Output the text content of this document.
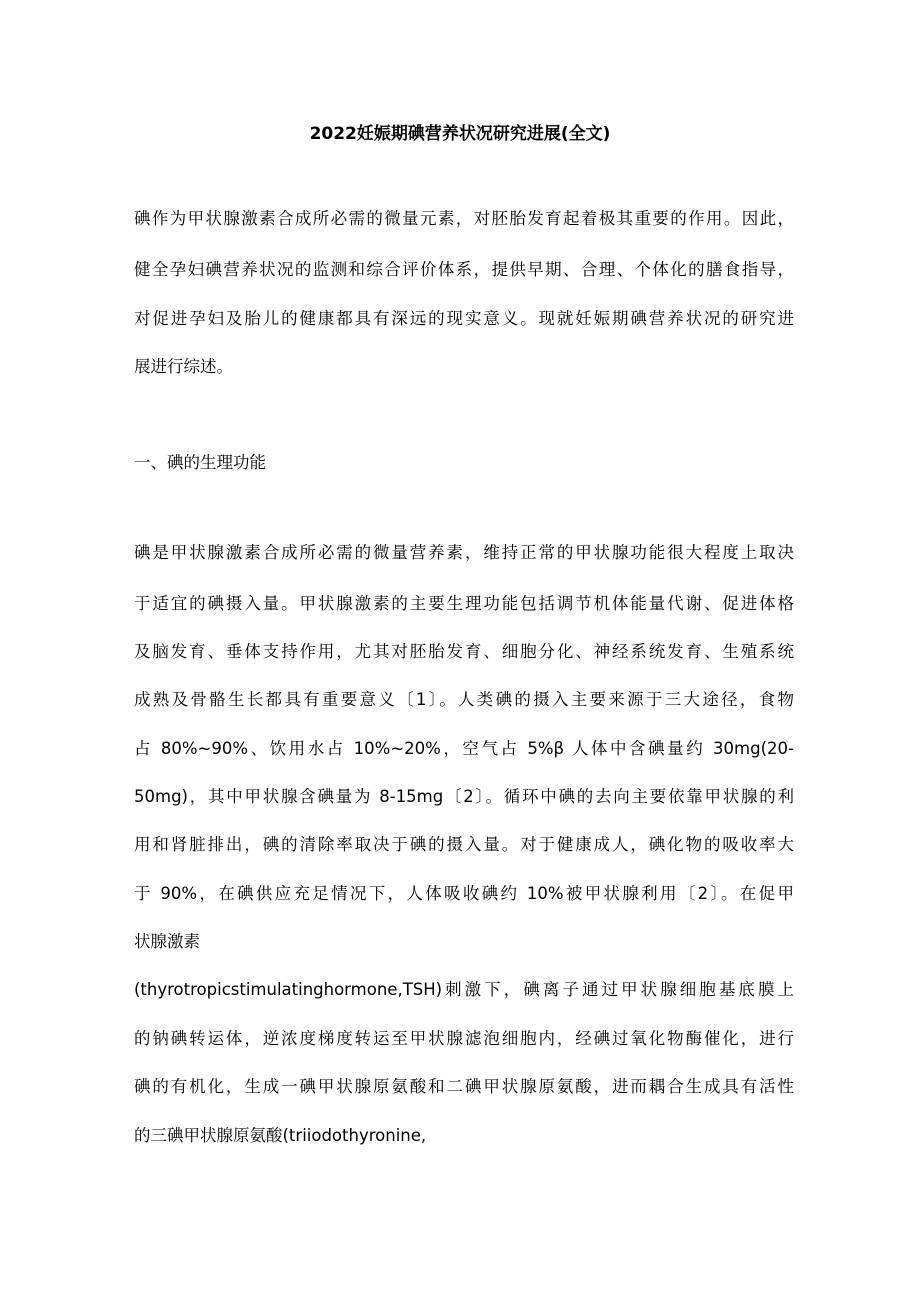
2022妊娠期碘营养状况研究进展(全文)
碘作为甲状腺激素合成所必需的微量元素，对胚胎发育起着极其重要的作用。因此，
健全孕妇碘营养状况的监测和综合评价体系，提供早期、合理、个体化的膳食指导，
对促进孕妇及胎儿的健康都具有深远的现实意义。现就妊娠期碘营养状况的研究进
展进行综述。
一、碘的生理功能
碘是甲状腺激素合成所必需的微量营养素，维持正常的甲状腺功能很大程度上取决
于适宜的碘摄入量。甲状腺激素的主要生理功能包括调节机体能量代谢、促进体格
及脑发育、垂体支持作用，尤其对胚胎发育、细胞分化、神经系统发育、生殖系统
成熟及骨骼生长都具有重要意义〔1〕。人类碘的摄入主要来源于三大途径，食物
占 80%~90%、饮用水占 10%~20%，空气占 5%β 人体中含碘量约 30mg(20-
50mg)，其中甲状腺含碘量为 8-15mg〔2〕。循环中碘的去向主要依靠甲状腺的利
用和肾脏排出，碘的清除率取决于碘的摄入量。对于健康成人，碘化物的吸收率大
于 90%，在碘供应充足情况下，人体吸收碘约 10%被甲状腺利用〔2〕。在促甲
状腺激素
(thyrotropicstimulatinghormone,TSH)刺激下，碘离子通过甲状腺细胞基底膜上
的钠碘转运体，逆浓度梯度转运至甲状腺滤泡细胞内，经碘过氧化物酶催化，进行
碘的有机化，生成一碘甲状腺原氨酸和二碘甲状腺原氨酸，进而耦合生成具有活性
的三碘甲状腺原氨酸(triiodothyronine,
